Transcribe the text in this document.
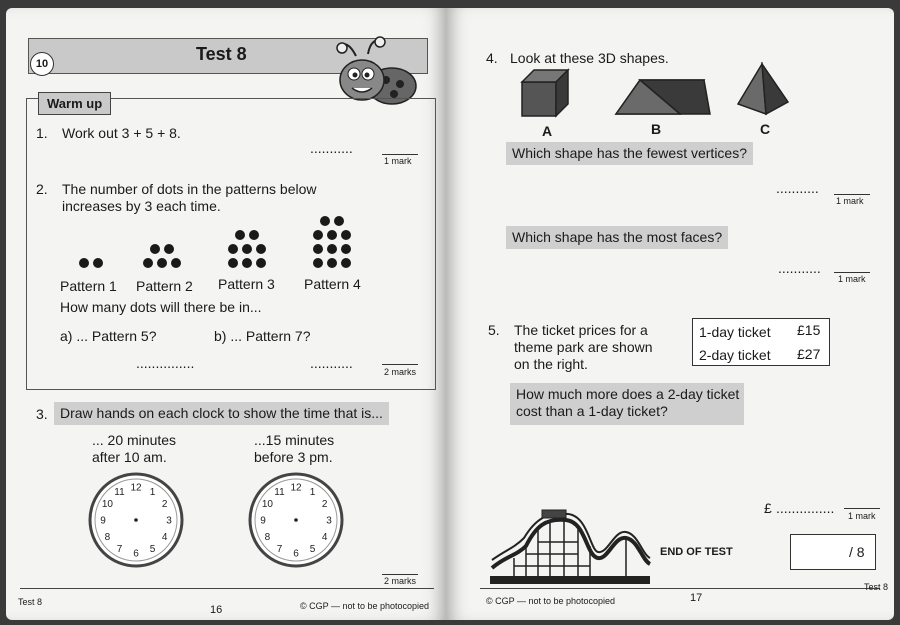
10	Test 8
Warm up
1. Work out 3 + 5 + 8.
...........
1 mark
2. The number of dots in the patterns below
increases by 3 each time.
Pattern 1 Pattern 2 Pattern 3 Pattern 4
How many dots will there be in...
a) ... Pattern 5?	b) ... Pattern 7?
...............	...........
2 marks
3. Draw hands on each clock to show the time that is...
... 20 minutes
after 10 am.
...15 minutes
before 3 pm.
12 1
2
3
4
5
6
7
8
9
10
11	12 1
2
3
4
5
6
7
8
9
10
11
2 marks
Test 8
16	© CGP — not to be photocopied
4. Look at these 3D shapes.
A	B	C
Which shape has the fewest vertices?
...........
1 mark
Which shape has the most faces?
...........
1 mark
5. The ticket prices for a
theme park are shown
on the right.
1-day ticket £15
2-day ticket £27
How much more does a 2-day ticket
cost than a 1-day ticket?
£ ............... 1 mark
END OF TEST	/ 8
© CGP — not to be photocopied	17
Test 8
